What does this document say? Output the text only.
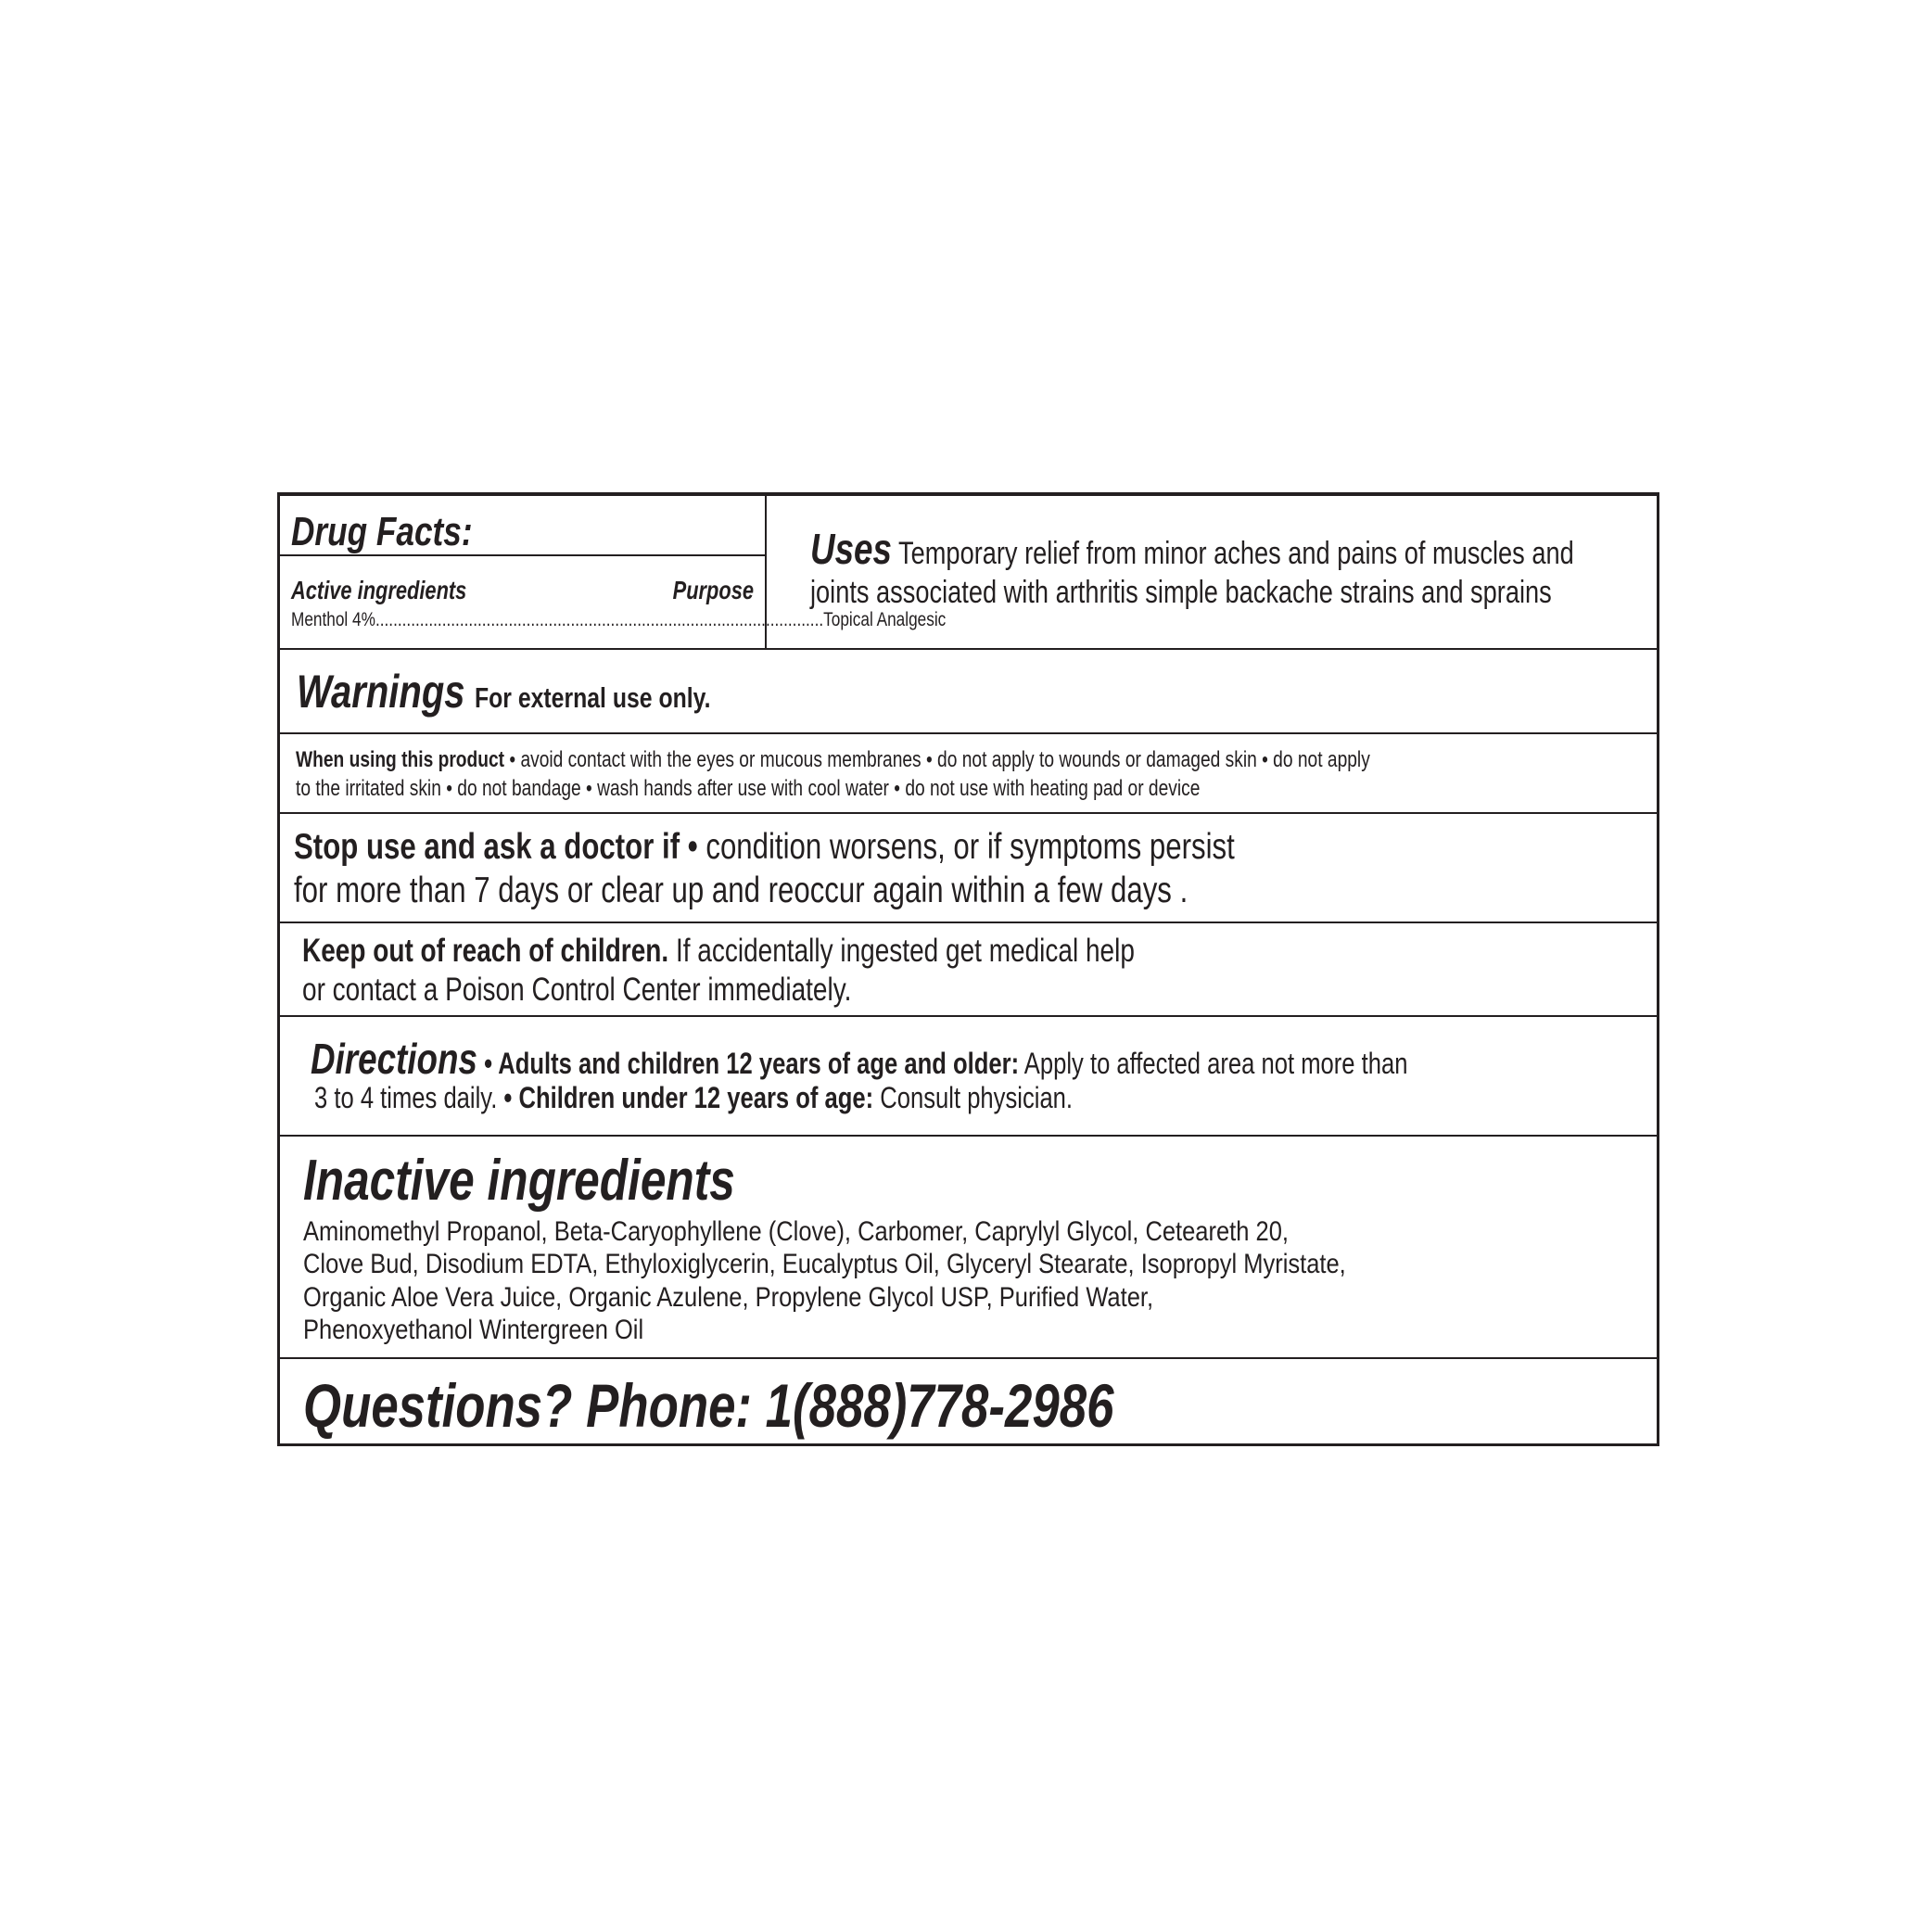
Drug Facts:
Active ingredients	Purpose
Menthol 4% ..................................................................................................... Topical Analgesic
Uses Temporary relief from minor aches and pains of muscles and
joints associated with arthritis simple backache strains and sprains
Warnings For external use only.
When using this product • avoid contact with the eyes or mucous membranes • do not apply to wounds or damaged skin • do not apply
to the irritated skin • do not bandage • wash hands after use with cool water • do not use with heating pad or device
Stop use and ask a doctor if • condition worsens, or if symptoms persist
for more than 7 days or clear up and reoccur again within a few days .
Keep out of reach of children. If accidentally ingested get medical help
or contact a Poison Control Center immediately.
Directions • Adults and children 12 years of age and older: Apply to affected area not more than
3 to 4 times daily. • Children under 12 years of age: Consult physician.
Inactive ingredients
Aminomethyl Propanol, Beta-Caryophyllene (Clove), Carbomer, Caprylyl Glycol, Ceteareth 20,
Clove Bud, Disodium EDTA, Ethyloxiglycerin, Eucalyptus Oil, Glyceryl Stearate, Isopropyl Myristate,
Organic Aloe Vera Juice, Organic Azulene, Propylene Glycol USP, Purified Water,
Phenoxyethanol Wintergreen Oil
Questions? Phone: 1(888)778-2986
